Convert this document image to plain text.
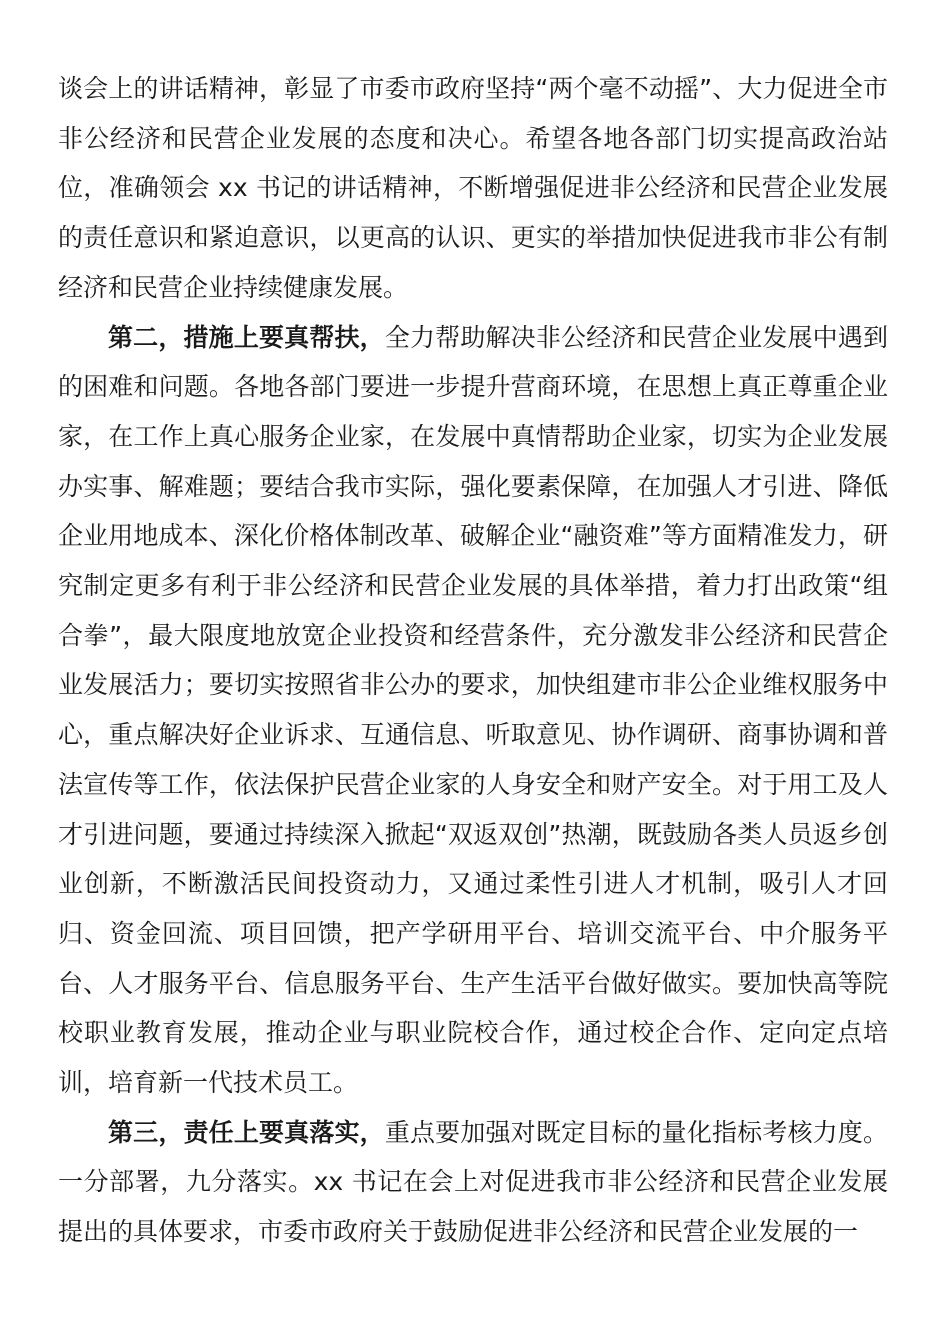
谈会上的讲话精神，彰显了市委市政府坚持“两个毫不动摇”、大力促进全市非公经济和民营企业发展的态度和决心。希望各地各部门切实提高政治站位，准确领会 xx 书记的讲话精神，不断增强促进非公经济和民营企业发展的责任意识和紧迫意识，以更高的认识、更实的举措加快促进我市非公有制经济和民营企业持续健康发展。

第二，措施上要真帮扶，全力帮助解决非公经济和民营企业发展中遇到的困难和问题。各地各部门要进一步提升营商环境，在思想上真正尊重企业家，在工作上真心服务企业家，在发展中真情帮助企业家，切实为企业发展办实事、解难题；要结合我市实际，强化要素保障，在加强人才引进、降低企业用地成本、深化价格体制改革、破解企业“融资难”等方面精准发力，研究制定更多有利于非公经济和民营企业发展的具体举措，着力打出政策“组合拳”，最大限度地放宽企业投资和经营条件，充分激发非公经济和民营企业发展活力；要切实按照省非公办的要求，加快组建市非公企业维权服务中心，重点解决好企业诉求、互通信息、听取意见、协作调研、商事协调和普法宣传等工作，依法保护民营企业家的人身安全和财产安全。对于用工及人才引进问题，要通过持续深入掀起“双返双创”热潮，既鼓励各类人员返乡创业创新，不断激活民间投资动力，又通过柔性引进人才机制，吸引人才回归、资金回流、项目回馈，把产学研用平台、培训交流平台、中介服务平台、人才服务平台、信息服务平台、生产生活平台做好做实。要加快高等院校职业教育发展，推动企业与职业院校合作，通过校企合作、定向定点培训，培育新一代技术员工。

第三，责任上要真落实，重点要加强对既定目标的量化指标考核力度。一分部署，九分落实。xx 书记在会上对促进我市非公经济和民营企业发展提出的具体要求，市委市政府关于鼓励促进非公经济和民营企业发展的一
